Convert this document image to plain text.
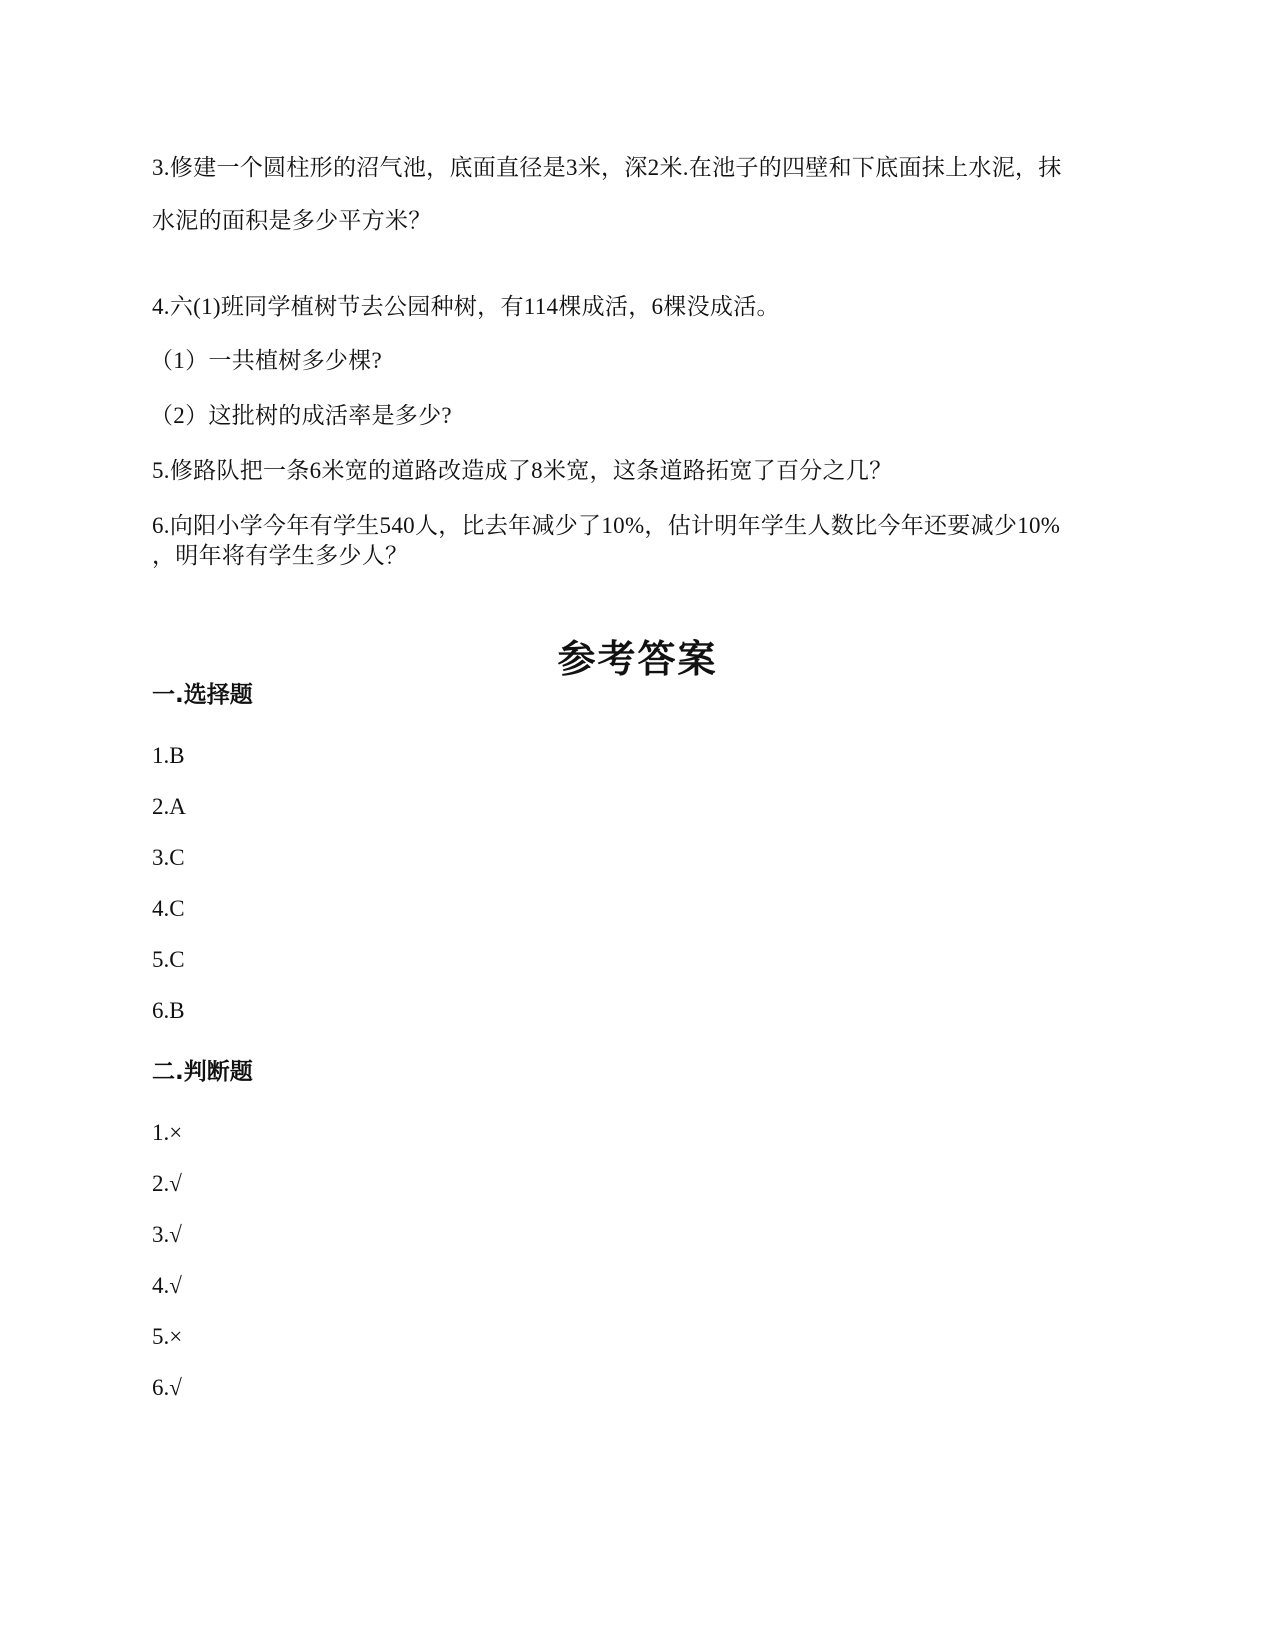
3.修建一个圆柱形的沼气池，底面直径是3米，深2米.在池子的四壁和下底面抹上水泥，抹
水泥的面积是多少平方米？
4.六(1)班同学植树节去公园种树，有114棵成活，6棵没成活。
（1）一共植树多少棵?
（2）这批树的成活率是多少?
5.修路队把一条6米宽的道路改造成了8米宽，这条道路拓宽了百分之几？
6.向阳小学今年有学生540人，比去年减少了10%，估计明年学生人数比今年还要减少10%
，明年将有学生多少人？
参考答案
一.选择题
1.B
2.A
3.C
4.C
5.C
6.B
二.判断题
1.×
2.√
3.√
4.√
5.×
6.√
